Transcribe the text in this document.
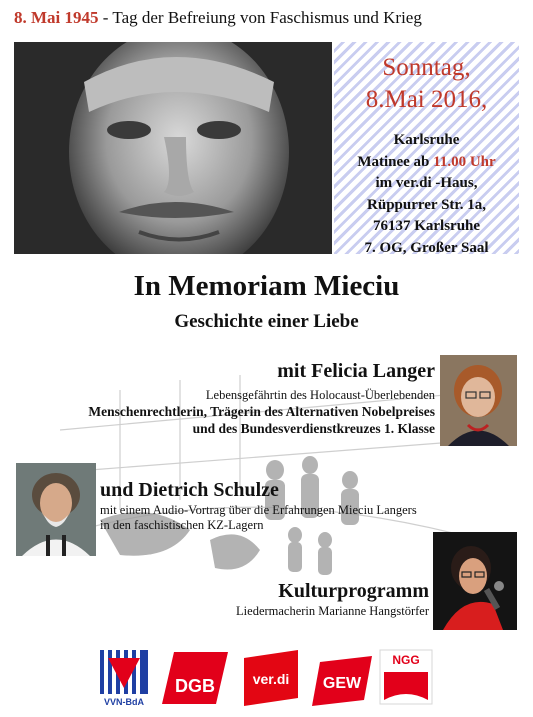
8. Mai 1945 - Tag der Befreiung von Faschismus und Krieg
Sonntag,
8.Mai 2016,
Karlsruhe
Matinee ab 11.00 Uhr
im ver.di -Haus,
Rüppurrer Str. 1a,
76137 Karlsruhe
7. OG, Großer Saal
In Memoriam Mieciu
Geschichte einer Liebe
mit Felicia Langer
Lebensgefährtin des Holocaust-Überlebenden
Menschenrechtlerin, Trägerin des Alternativen Nobelpreises
und des Bundesverdienstkreuzes 1. Klasse
und Dietrich Schulze
mit einem Audio-Vortrag über die Erfahrungen Mieciu Langers
in den faschistischen KZ-Lagern
Kulturprogramm
Liedermacherin Marianne Hangstörfer
VVN-BdA
DGB	ver.di GEW
NGG
